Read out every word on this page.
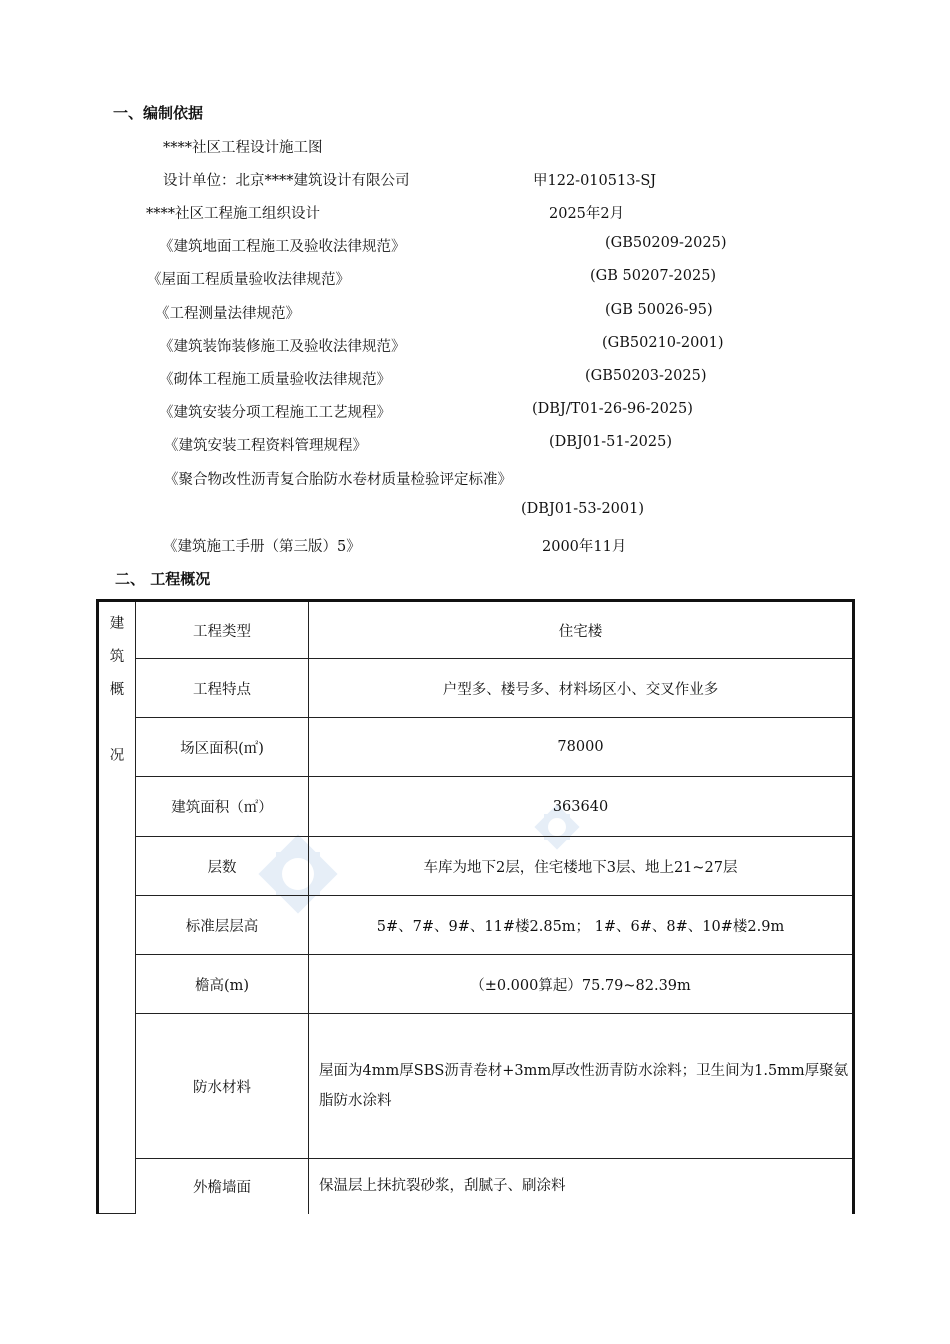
一、编制依据
****社区工程设计施工图
设计单位：北京****建筑设计有限公司	甲122-010513-SJ
****社区工程施工组织设计	2025年2月
《建筑地面工程施工及验收法律规范》	(GB50209-2025)
《屋面工程质量验收法律规范》	(GB 50207-2025)
《工程测量法律规范》	(GB 50026-95)
《建筑装饰装修施工及验收法律规范》	(GB50210-2001)
《砌体工程施工质量验收法律规范》	(GB50203-2025)
《建筑安装分项工程施工工艺规程》	(DBJ/T01-26-96-2025)
《建筑安装工程资料管理规程》	(DBJ01-51-2025)
《聚合物改性沥青复合胎防水卷材质量检验评定标准》
(DBJ01-53-2001)
《建筑施工手册（第三版）5》	2000年11月
二、 工程概况
建
筑
概
况	工程类型	住宅楼
	工程特点	户型多、楼号多、材料场区小、交叉作业多
	场区面积(㎡)	78000
	建筑面积（㎡）	363640
	层数	车库为地下2层，住宅楼地下3层、地上21~27层
	标准层层高	5#、7#、9#、11#楼2.85m； 1#、6#、8#、10#楼2.9m
	檐高(m)	（±0.000算起）75.79~82.39m
	防水材料	屋面为4mm厚SBS沥青卷材+3mm厚改性沥青防水涂料；卫生间为1.5mm厚聚氨脂防水涂料
	外檐墙面	保温层上抹抗裂砂浆，刮腻子、刷涂料
